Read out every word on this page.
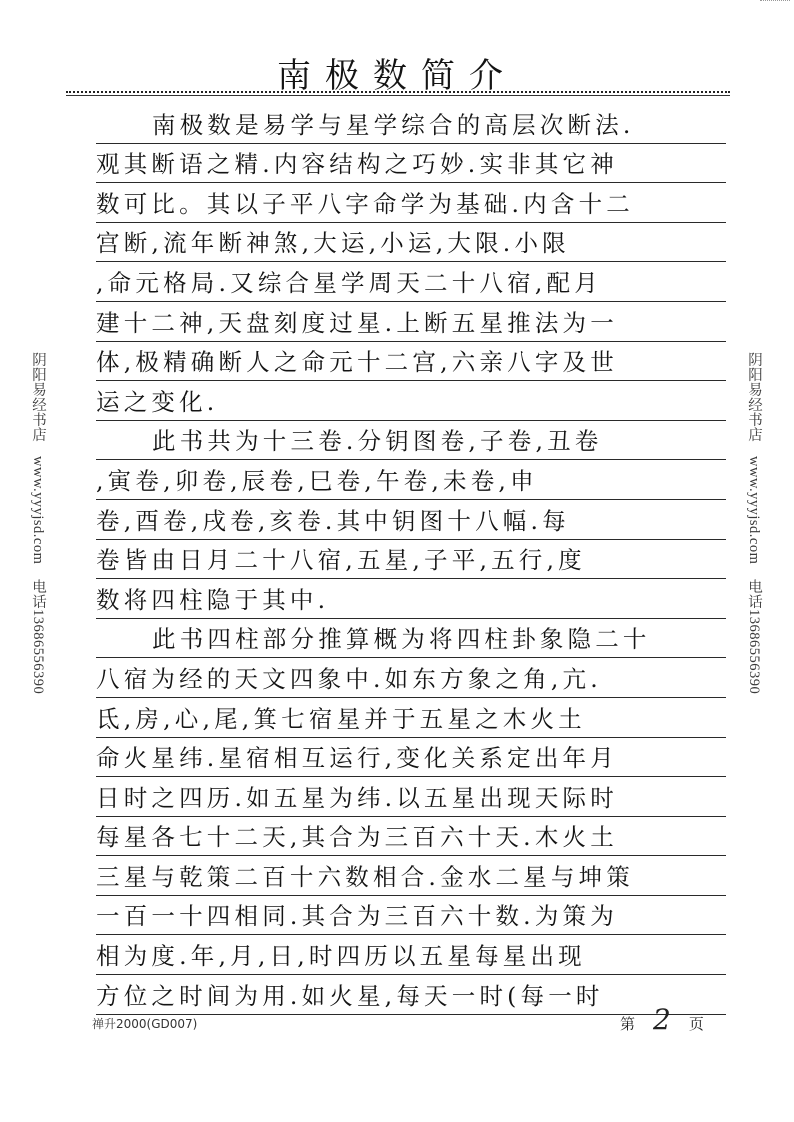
南极数简介
南极数是易学与星学综合的高层次断法.
观其断语之精.内容结构之巧妙.实非其它神
数可比。其以子平八字命学为基础.内含十二
宫断,流年断神煞,大运,小运,大限.小限
,命元格局.又综合星学周天二十八宿,配月
建十二神,天盘刻度过星.上断五星推法为一
体,极精确断人之命元十二宫,六亲八字及世
运之变化.
此书共为十三卷.分钥图卷,子卷,丑卷
,寅卷,卯卷,辰卷,巳卷,午卷,未卷,申
卷,酉卷,戌卷,亥卷.其中钥图十八幅.每
卷皆由日月二十八宿,五星,子平,五行,度
数将四柱隐于其中.
此书四柱部分推算概为将四柱卦象隐二十
八宿为经的天文四象中.如东方象之角,亢.
氐,房,心,尾,箕七宿星并于五星之木火土
命火星纬.星宿相互运行,变化关系定出年月
日时之四历.如五星为纬.以五星出现天际时
每星各七十二天,其合为三百六十天.木火土
三星与乾策二百十六数相合.金水二星与坤策
一百一十四相同.其合为三百六十数.为策为
相为度.年,月,日,时四历以五星每星出现
方位之时间为用.如火星,每天一时(每一时
阴阳易经书店 www.yyyjsd.com 电话13686556390
阴阳易经书店 www.yyyjsd.com 电话13686556390
禅升2000(GD007)	第 2 页
